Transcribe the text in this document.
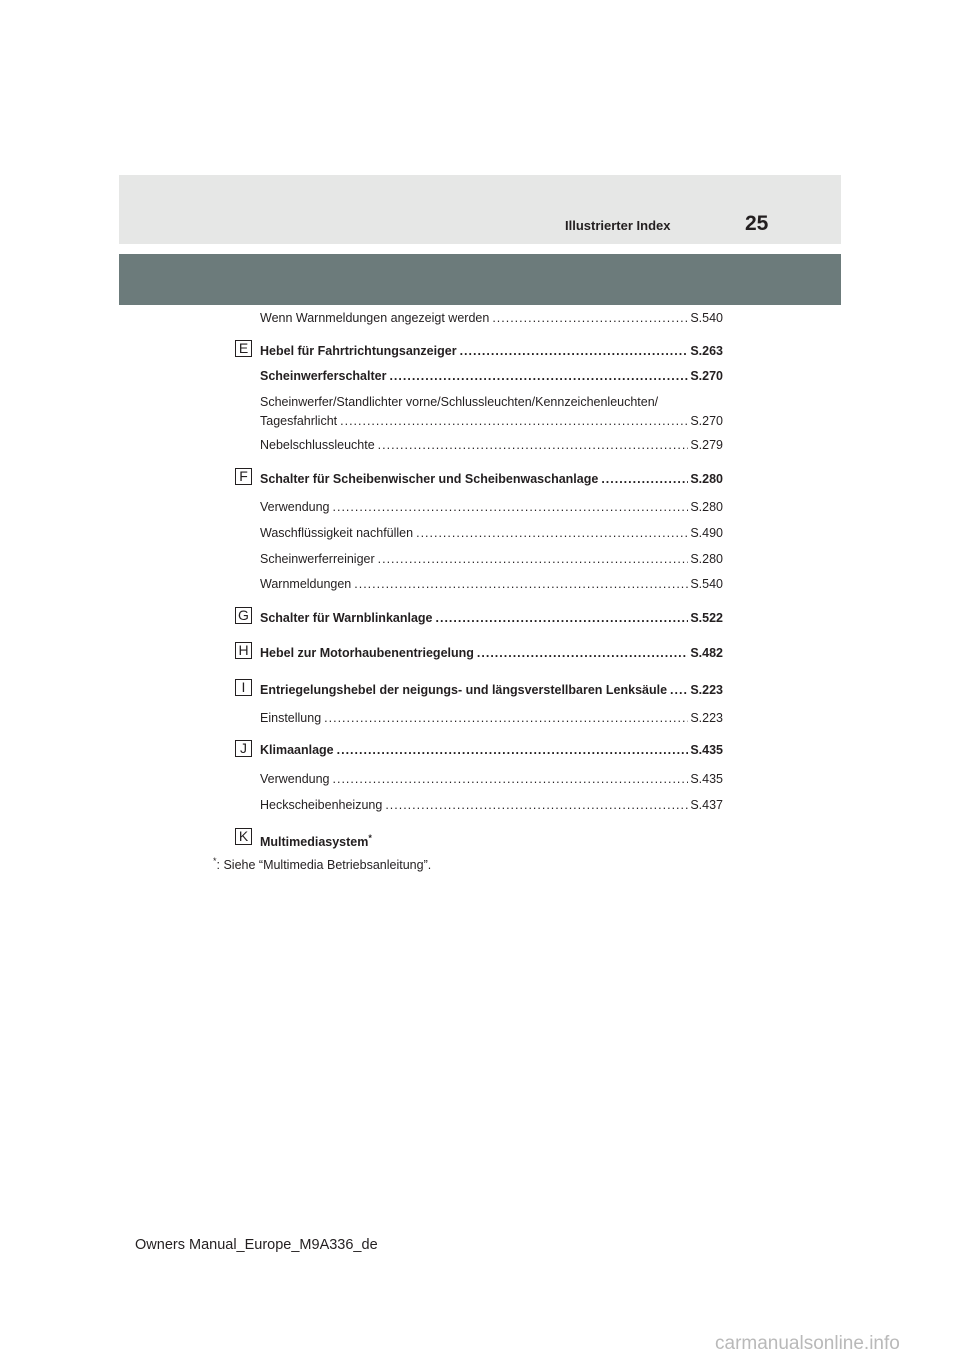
Illustrierter Index	25
Wenn Warnmeldungen angezeigt werden .....	S.540
E Hebel für Fahrtrichtungsanzeiger .....	S.263
Scheinwerferschalter .....	S.270
Scheinwerfer/Standlichter vorne/Schlussleuchten/Kennzeichenleuchten/
Tagesfahrlicht .....	S.270
Nebelschlussleuchte .....	S.279
F Schalter für Scheibenwischer und Scheibenwaschanlage .....	S.280
Verwendung .....	S.280
Waschflüssigkeit nachfüllen .....	S.490
Scheinwerferreiniger .....	S.280
Warnmeldungen .....	S.540
G Schalter für Warnblinkanlage .....	S.522
H Hebel zur Motorhaubenentriegelung .....	S.482
I	Entriegelungshebel der neigungs- und längsverstellbaren Lenksäule ..... S.223
Einstellung .....	S.223
J	Klimaanlage .....	S.435
Verwendung .....	S.435
Heckscheibenheizung .....	S.437
K Multimediasystem*
*: Siehe “Multimedia Betriebsanleitung”.
Owners Manual_Europe_M9A336_de
carmanualsonline.info
